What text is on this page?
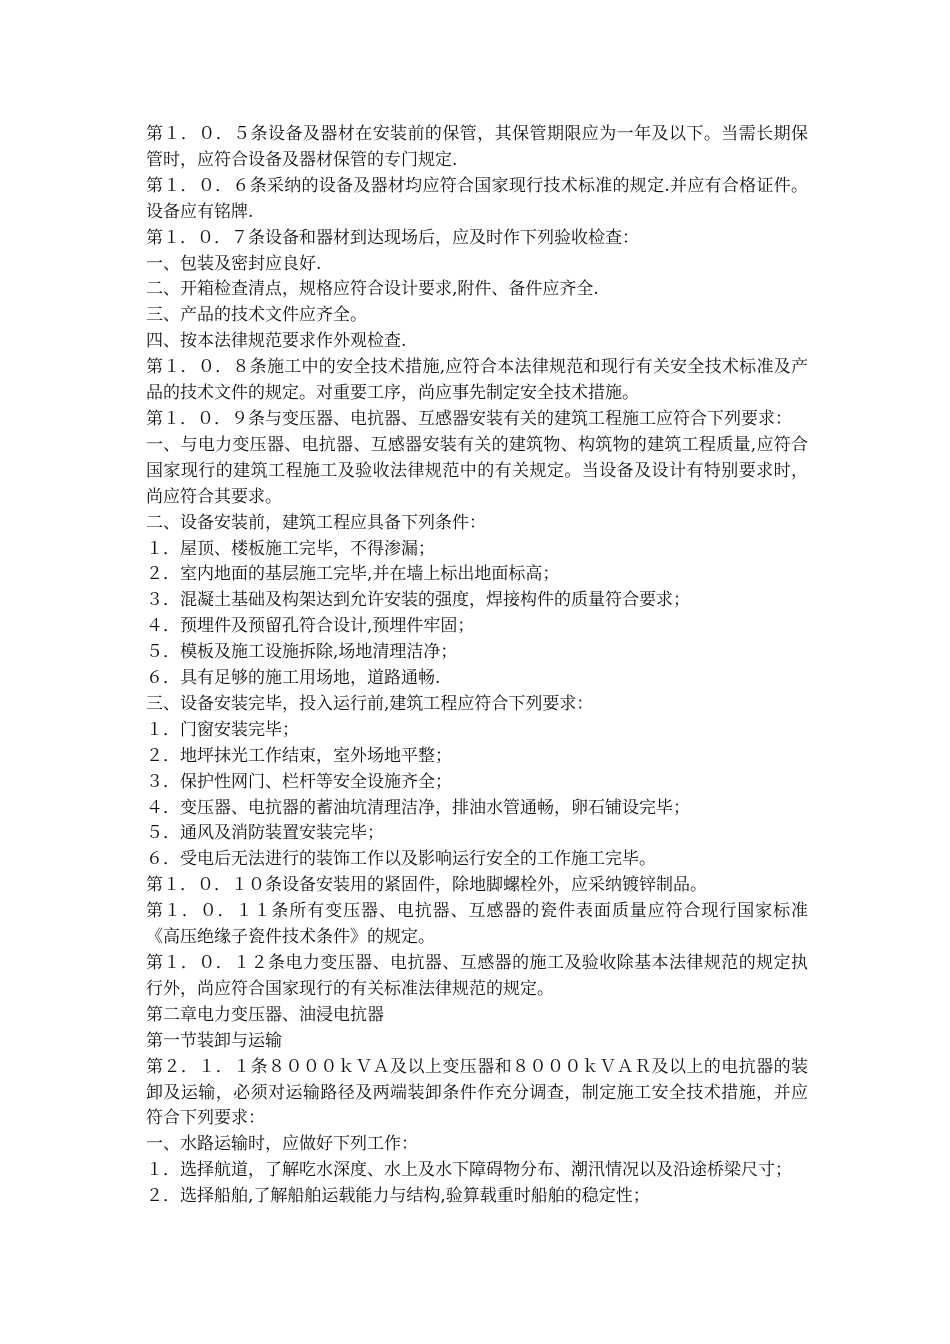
第１．０．５条设备及器材在安装前的保管，其保管期限应为一年及以下。当需长期保管时，应符合设备及器材保管的专门规定.

第１．０．６条采纳的设备及器材均应符合国家现行技术标准的规定.并应有合格证件。设备应有铭牌.

第１．０．７条设备和器材到达现场后，应及时作下列验收检查：

一、包装及密封应良好.

二、开箱检查清点，规格应符合设计要求,附件、备件应齐全.

三、产品的技术文件应齐全。

四、按本法律规范要求作外观检查.

第１．０．８条施工中的安全技术措施,应符合本法律规范和现行有关安全技术标准及产品的技术文件的规定。对重要工序，尚应事先制定安全技术措施。

第１．０．９条与变压器、电抗器、互感器安装有关的建筑工程施工应符合下列要求：

一、与电力变压器、电抗器、互感器安装有关的建筑物、构筑物的建筑工程质量,应符合国家现行的建筑工程施工及验收法律规范中的有关规定。当设备及设计有特别要求时，尚应符合其要求。

二、设备安装前，建筑工程应具备下列条件：

１．屋顶、楼板施工完毕，不得渗漏；

２．室内地面的基层施工完毕,并在墙上标出地面标高；

３．混凝土基础及构架达到允许安装的强度，焊接构件的质量符合要求；

４．预埋件及预留孔符合设计,预埋件牢固；

５．模板及施工设施拆除,场地清理洁净；

６．具有足够的施工用场地，道路通畅.

三、设备安装完毕，投入运行前,建筑工程应符合下列要求：

１．门窗安装完毕；

２．地坪抹光工作结束，室外场地平整；

３．保护性网门、栏杆等安全设施齐全；

４．变压器、电抗器的蓄油坑清理洁净，排油水管通畅，卵石铺设完毕；

５．通风及消防装置安装完毕；

６．受电后无法进行的装饰工作以及影响运行安全的工作施工完毕。

第１．０．１０条设备安装用的紧固件，除地脚螺栓外，应采纳镀锌制品。

第１．０．１１条所有变压器、电抗器、互感器的瓷件表面质量应符合现行国家标准《高压绝缘子瓷件技术条件》的规定。

第１．０．１２条电力变压器、电抗器、互感器的施工及验收除基本法律规范的规定执行外，尚应符合国家现行的有关标准法律规范的规定。

第二章电力变压器、油浸电抗器

第一节装卸与运输

第２．１．１条８０００ｋＶＡ及以上变压器和８０００ｋＶＡＲ及以上的电抗器的装卸及运输，必须对运输路径及两端装卸条件作充分调查，制定施工安全技术措施，并应符合下列要求：

一、水路运输时，应做好下列工作：

１．选择航道，了解吃水深度、水上及水下障碍物分布、潮汛情况以及沿途桥梁尺寸；

２．选择船舶,了解船舶运载能力与结构,验算载重时船舶的稳定性；
